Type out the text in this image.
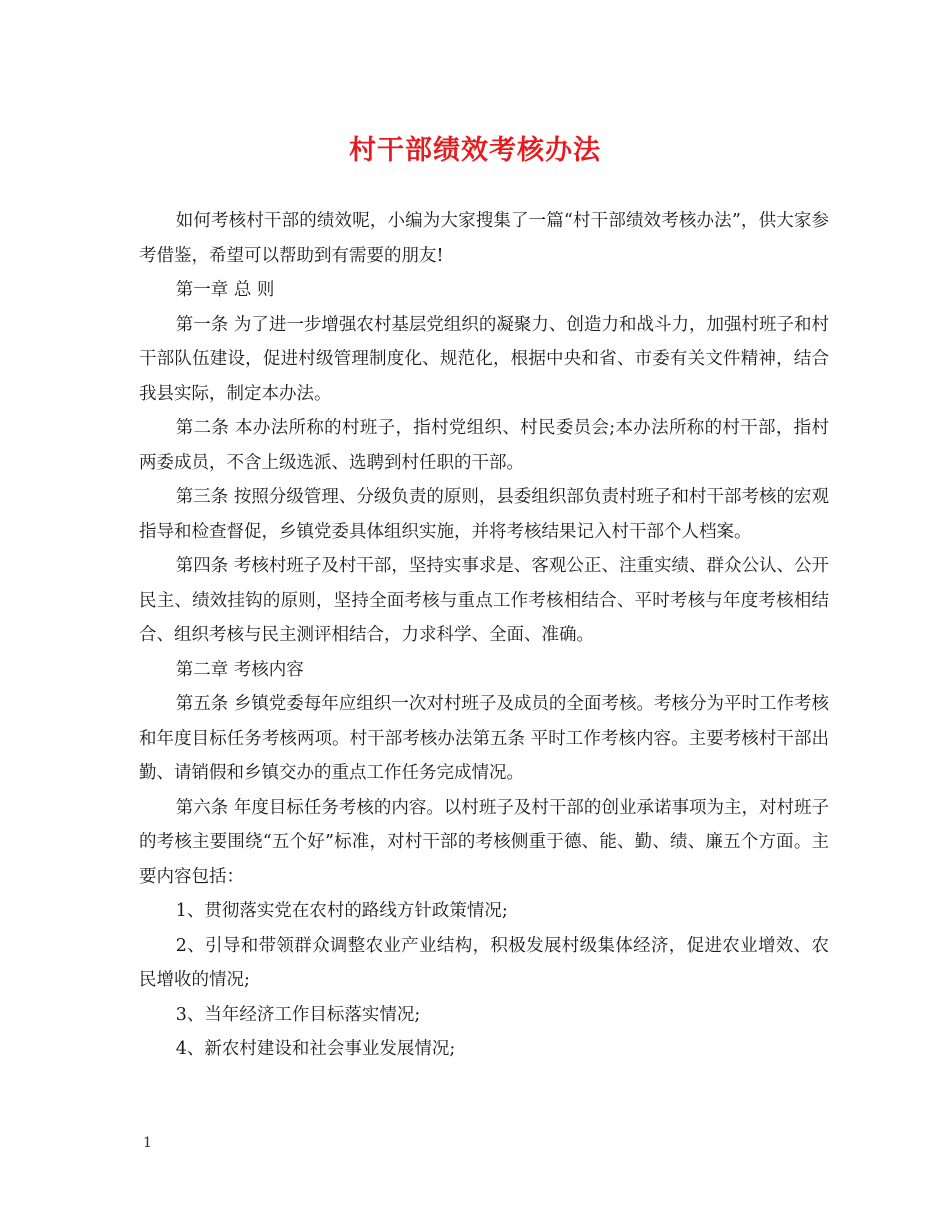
村干部绩效考核办法

如何考核村干部的绩效呢，小编为大家搜集了一篇“村干部绩效考核办法”，供大家参考借鉴，希望可以帮助到有需要的朋友!

第一章 总 则

第一条 为了进一步增强农村基层党组织的凝聚力、创造力和战斗力，加强村班子和村干部队伍建设，促进村级管理制度化、规范化，根据中央和省、市委有关文件精神，结合我县实际，制定本办法。

第二条 本办法所称的村班子，指村党组织、村民委员会;本办法所称的村干部，指村两委成员，不含上级选派、选聘到村任职的干部。

第三条 按照分级管理、分级负责的原则，县委组织部负责村班子和村干部考核的宏观指导和检查督促，乡镇党委具体组织实施，并将考核结果记入村干部个人档案。

第四条 考核村班子及村干部，坚持实事求是、客观公正、注重实绩、群众公认、公开民主、绩效挂钩的原则，坚持全面考核与重点工作考核相结合、平时考核与年度考核相结合、组织考核与民主测评相结合，力求科学、全面、准确。

第二章 考核内容

第五条 乡镇党委每年应组织一次对村班子及成员的全面考核。考核分为平时工作考核和年度目标任务考核两项。村干部考核办法第五条 平时工作考核内容。主要考核村干部出勤、请销假和乡镇交办的重点工作任务完成情况。

第六条 年度目标任务考核的内容。以村班子及村干部的创业承诺事项为主，对村班子的考核主要围绕“五个好”标准，对村干部的考核侧重于德、能、勤、绩、廉五个方面。主要内容包括：

1、贯彻落实党在农村的路线方针政策情况;

2、引导和带领群众调整农业产业结构，积极发展村级集体经济，促进农业增效、农民增收的情况;

3、当年经济工作目标落实情况;

4、新农村建设和社会事业发展情况;

1
